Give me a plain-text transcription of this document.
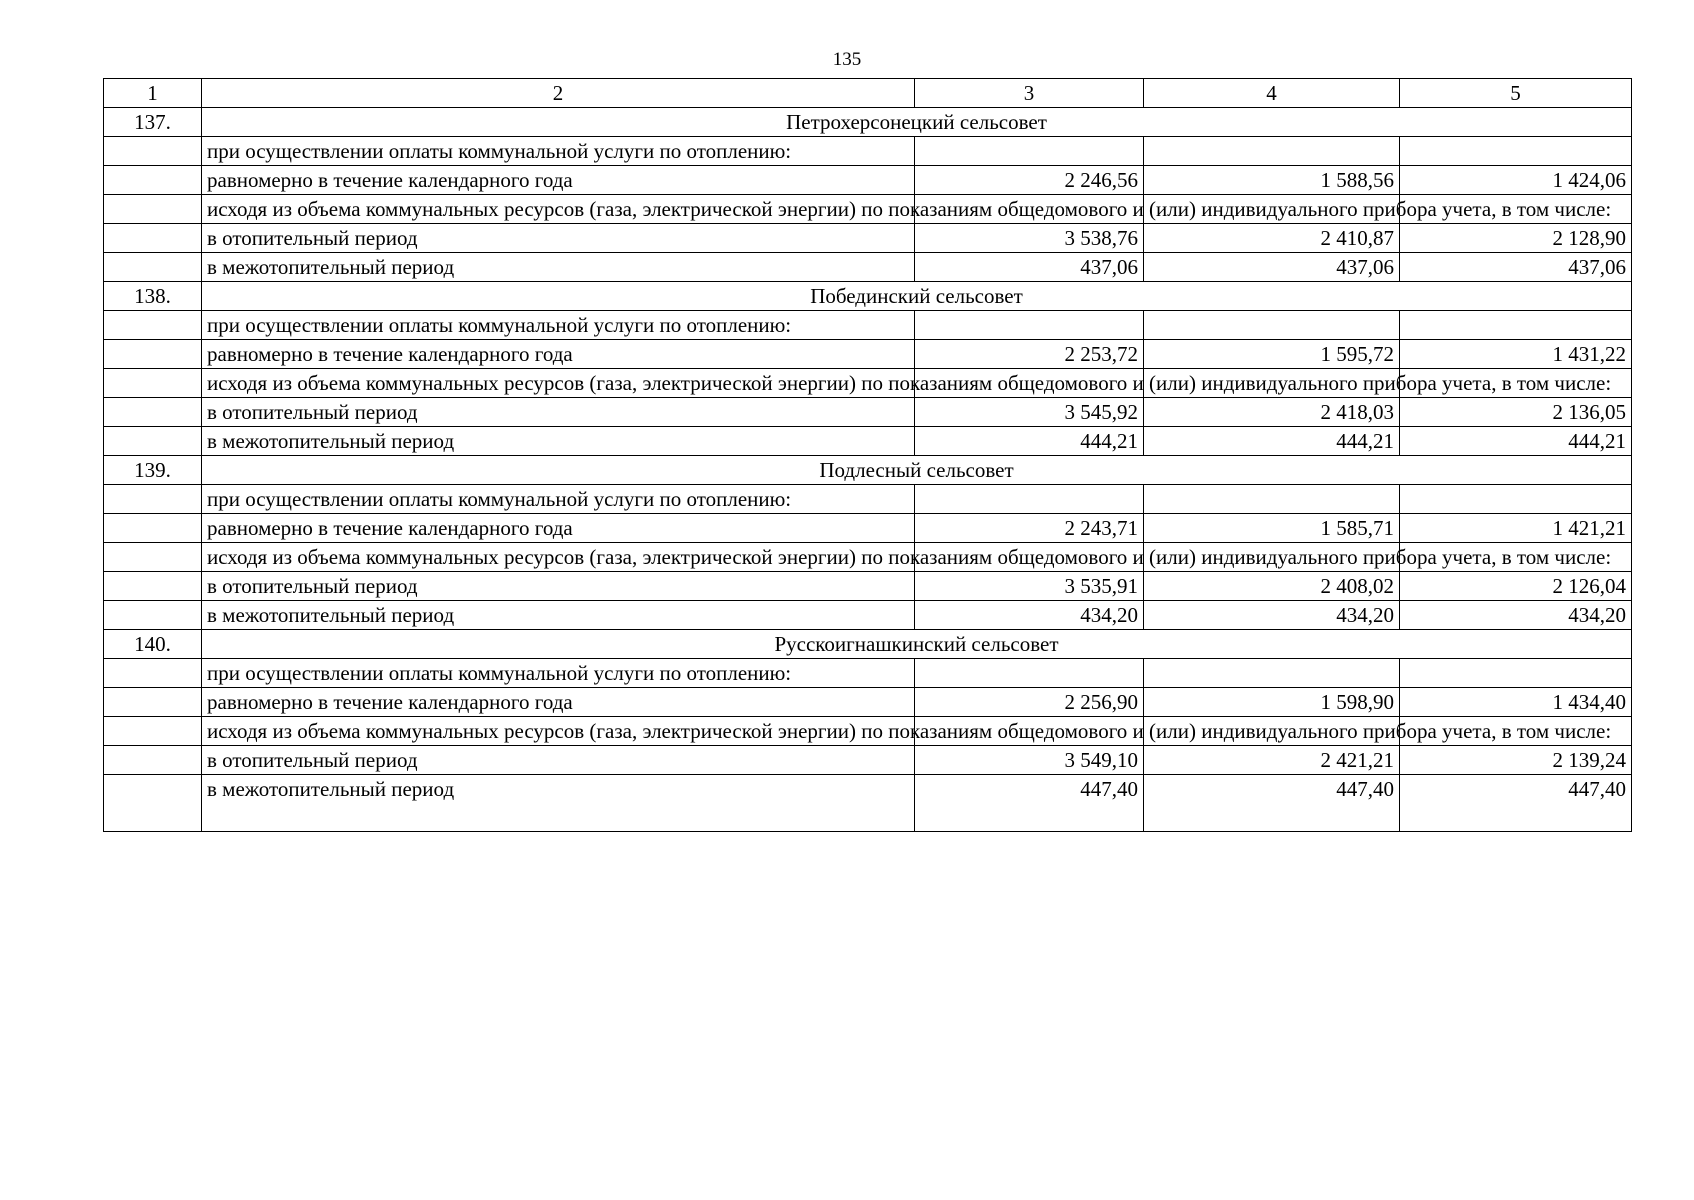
135
1	2	3	4	5
137.	Петрохерсонецкий сельсовет			
	при осуществлении оплаты коммунальной услуги по отоплению:			
	равномерно в течение календарного года	2 246,56	1 588,56	1 424,06
	исходя из объема коммунальных ресурсов (газа, электрической энергии) по показаниям общедомового и (или) индивидуального прибора учета, в том числе:			
	в отопительный период	3 538,76	2 410,87	2 128,90
	в межотопительный период	437,06	437,06	437,06
138.	Побединский сельсовет			
	при осуществлении оплаты коммунальной услуги по отоплению:			
	равномерно в течение календарного года	2 253,72	1 595,72	1 431,22
	исходя из объема коммунальных ресурсов (газа, электрической энергии) по показаниям общедомового и (или) индивидуального прибора учета, в том числе:			
	в отопительный период	3 545,92	2 418,03	2 136,05
	в межотопительный период	444,21	444,21	444,21
139.	Подлесный сельсовет			
	при осуществлении оплаты коммунальной услуги по отоплению:			
	равномерно в течение календарного года	2 243,71	1 585,71	1 421,21
	исходя из объема коммунальных ресурсов (газа, электрической энергии) по показаниям общедомового и (или) индивидуального прибора учета, в том числе:			
	в отопительный период	3 535,91	2 408,02	2 126,04
	в межотопительный период	434,20	434,20	434,20
140.	Русскоигнашкинский сельсовет			
	при осуществлении оплаты коммунальной услуги по отоплению:			
	равномерно в течение календарного года	2 256,90	1 598,90	1 434,40
	исходя из объема коммунальных ресурсов (газа, электрической энергии) по показаниям общедомового и (или) индивидуального прибора учета, в том числе:			
	в отопительный период	3 549,10	2 421,21	2 139,24
	в межотопительный период	447,40	447,40	447,40
